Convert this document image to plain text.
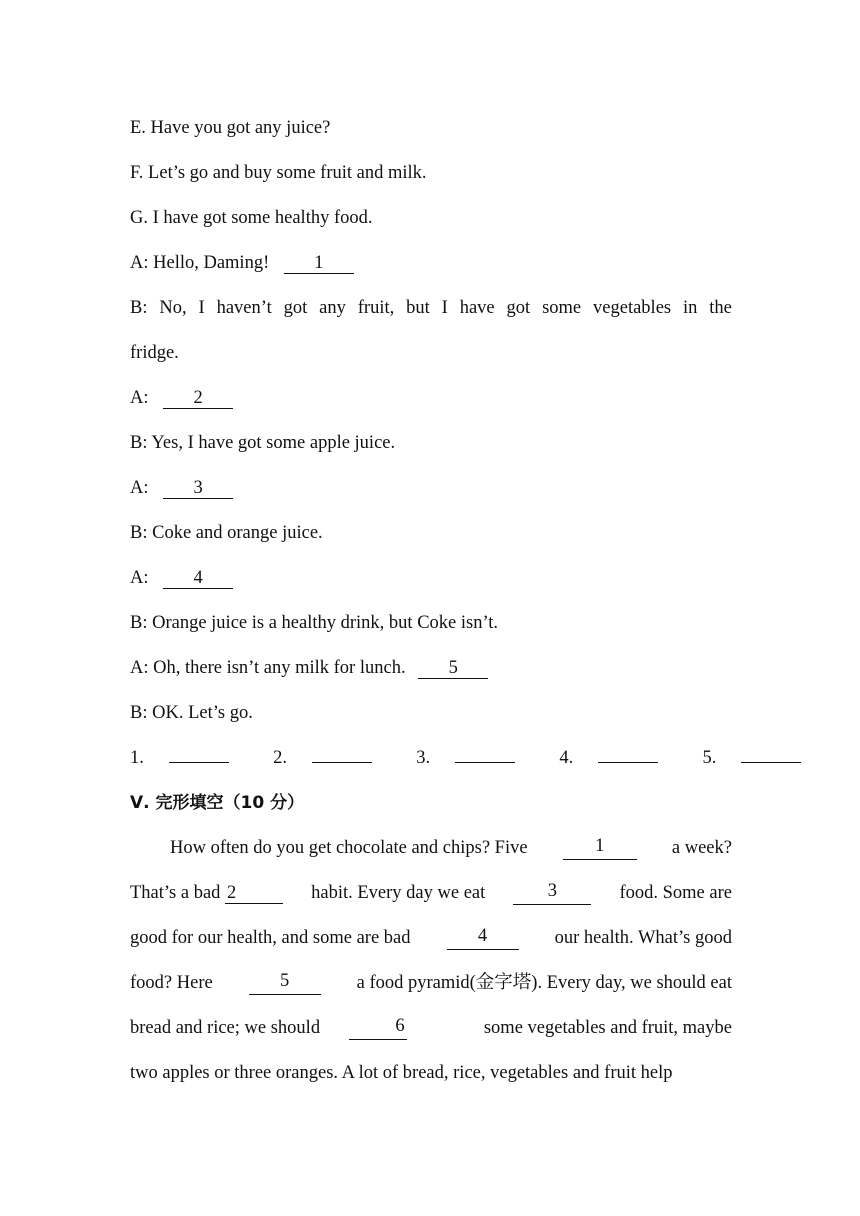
E. Have you got any juice?
F. Let’s go and buy some fruit and milk.
G. I have got some healthy food.
A: Hello, Daming! 1
B: No, I haven’t got any fruit, but I have got some vegetables in the
fridge.
A: 2
B: Yes, I have got some apple juice.
A: 3
B: Coke and orange juice.
A: 4
B: Orange juice is a healthy drink, but Coke isn’t.
A: Oh, there isn’t any milk for lunch. 5
B: OK. Let’s go.
1.	2.	3.	4.	5.
Ⅴ. 完形填空（10 分）
How often do you get chocolate and chips? Five	1	a week?
That’s a bad 2	habit. Every day we eat	3	food. Some are
good for our health, and some are bad	4	our health. What’s good
food? Here	5	a food pyramid(金字塔). Every day, we should eat
bread and rice; we should	6	some vegetables and fruit, maybe
two apples or three oranges. A lot of bread, rice, vegetables and fruit help
